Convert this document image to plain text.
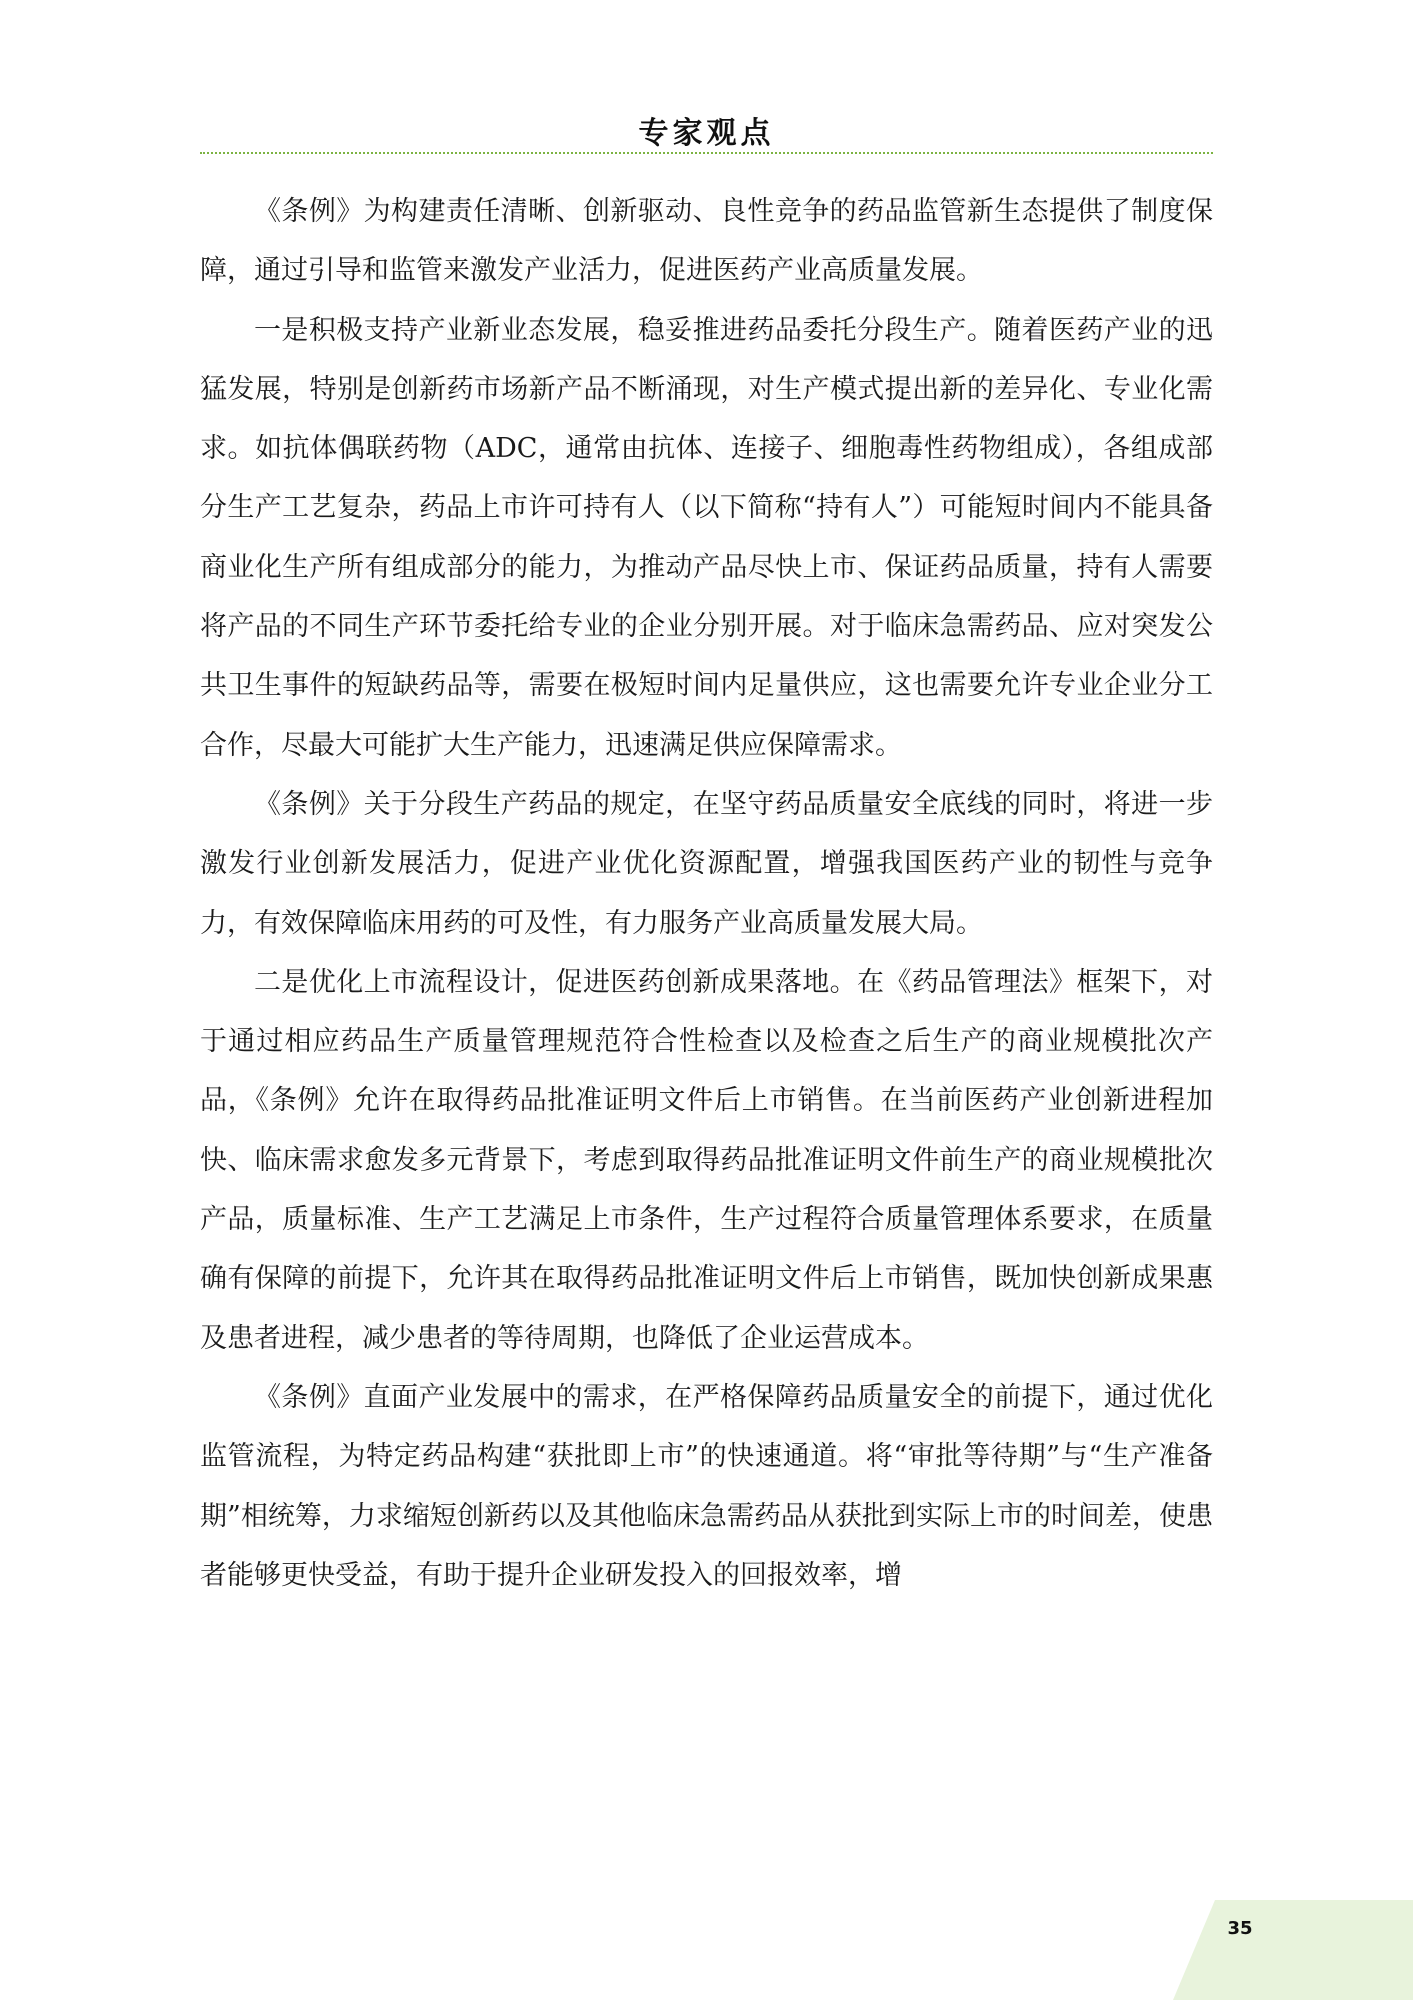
专家观点

《条例》为构建责任清晰、创新驱动、良性竞争的药品监管新生态提供了制度保障，通过引导和监管来激发产业活力，促进医药产业高质量发展。

一是积极支持产业新业态发展，稳妥推进药品委托分段生产。随着医药产业的迅猛发展，特别是创新药市场新产品不断涌现，对生产模式提出新的差异化、专业化需求。如抗体偶联药物（ADC，通常由抗体、连接子、细胞毒性药物组成），各组成部分生产工艺复杂，药品上市许可持有人（以下简称“持有人”）可能短时间内不能具备商业化生产所有组成部分的能力，为推动产品尽快上市、保证药品质量，持有人需要将产品的不同生产环节委托给专业的企业分别开展。对于临床急需药品、应对突发公共卫生事件的短缺药品等，需要在极短时间内足量供应，这也需要允许专业企业分工合作，尽最大可能扩大生产能力，迅速满足供应保障需求。

《条例》关于分段生产药品的规定，在坚守药品质量安全底线的同时，将进一步激发行业创新发展活力，促进产业优化资源配置，增强我国医药产业的韧性与竞争力，有效保障临床用药的可及性，有力服务产业高质量发展大局。

二是优化上市流程设计，促进医药创新成果落地。在《药品管理法》框架下，对于通过相应药品生产质量管理规范符合性检查以及检查之后生产的商业规模批次产品，《条例》允许在取得药品批准证明文件后上市销售。在当前医药产业创新进程加快、临床需求愈发多元背景下，考虑到取得药品批准证明文件前生产的商业规模批次产品，质量标准、生产工艺满足上市条件，生产过程符合质量管理体系要求，在质量确有保障的前提下，允许其在取得药品批准证明文件后上市销售，既加快创新成果惠及患者进程，减少患者的等待周期，也降低了企业运营成本。

《条例》直面产业发展中的需求，在严格保障药品质量安全的前提下，通过优化监管流程，为特定药品构建“获批即上市”的快速通道。将“审批等待期”与“生产准备期”相统筹，力求缩短创新药以及其他临床急需药品从获批到实际上市的时间差，使患者能够更快受益，有助于提升企业研发投入的回报效率，增

35
